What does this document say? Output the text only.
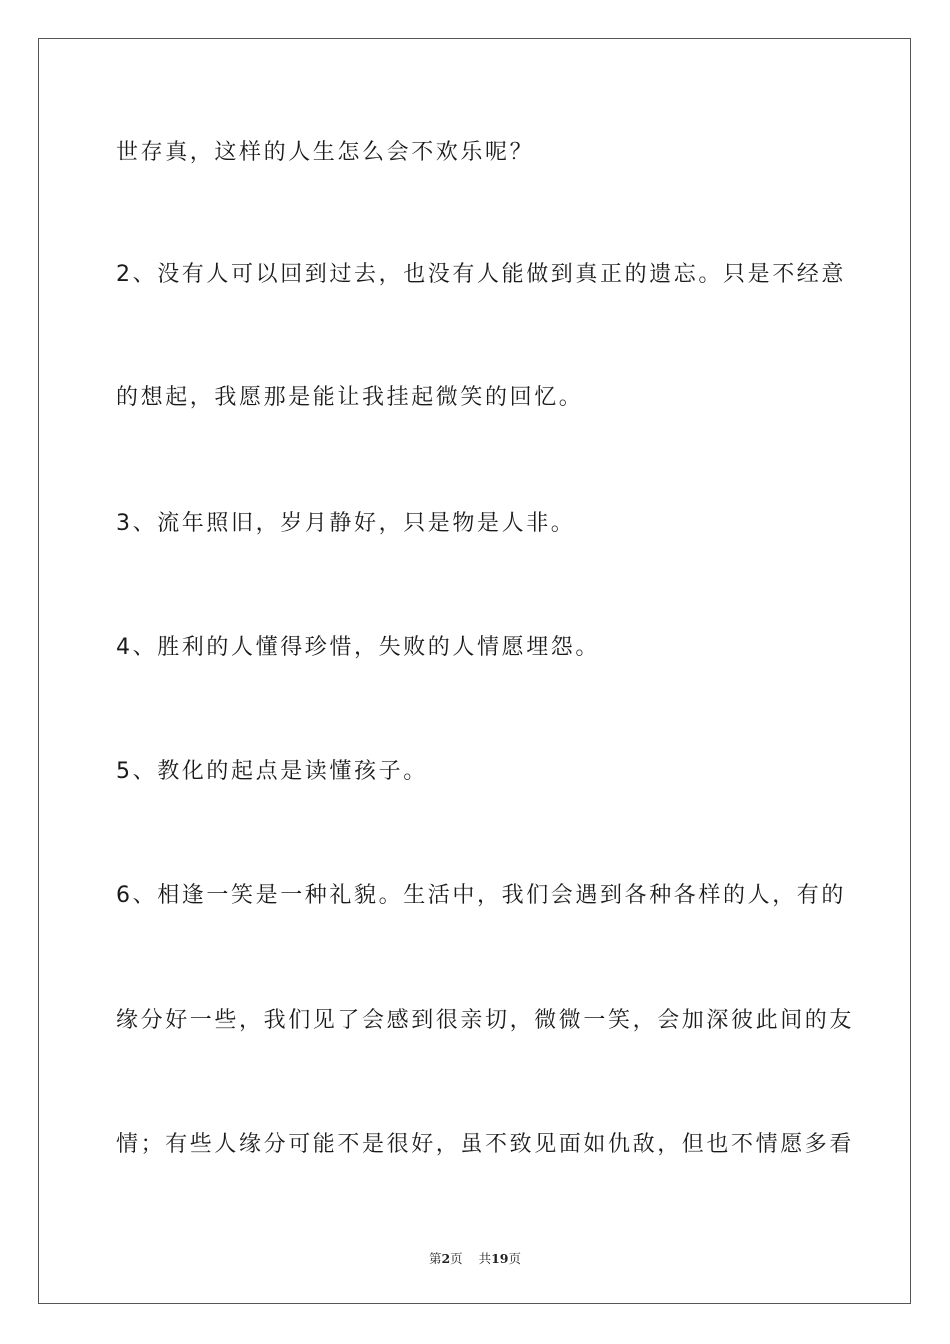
世存真，这样的人生怎么会不欢乐呢？
2、没有人可以回到过去，也没有人能做到真正的遗忘。只是不经意
的想起，我愿那是能让我挂起微笑的回忆。
3、流年照旧，岁月静好，只是物是人非。
4、胜利的人懂得珍惜，失败的人情愿埋怨。
5、教化的起点是读懂孩子。
6、相逢一笑是一种礼貌。生活中，我们会遇到各种各样的人，有的
缘分好一些，我们见了会感到很亲切，微微一笑，会加深彼此间的友
情；有些人缘分可能不是很好，虽不致见面如仇敌，但也不情愿多看
第2页 共19页
